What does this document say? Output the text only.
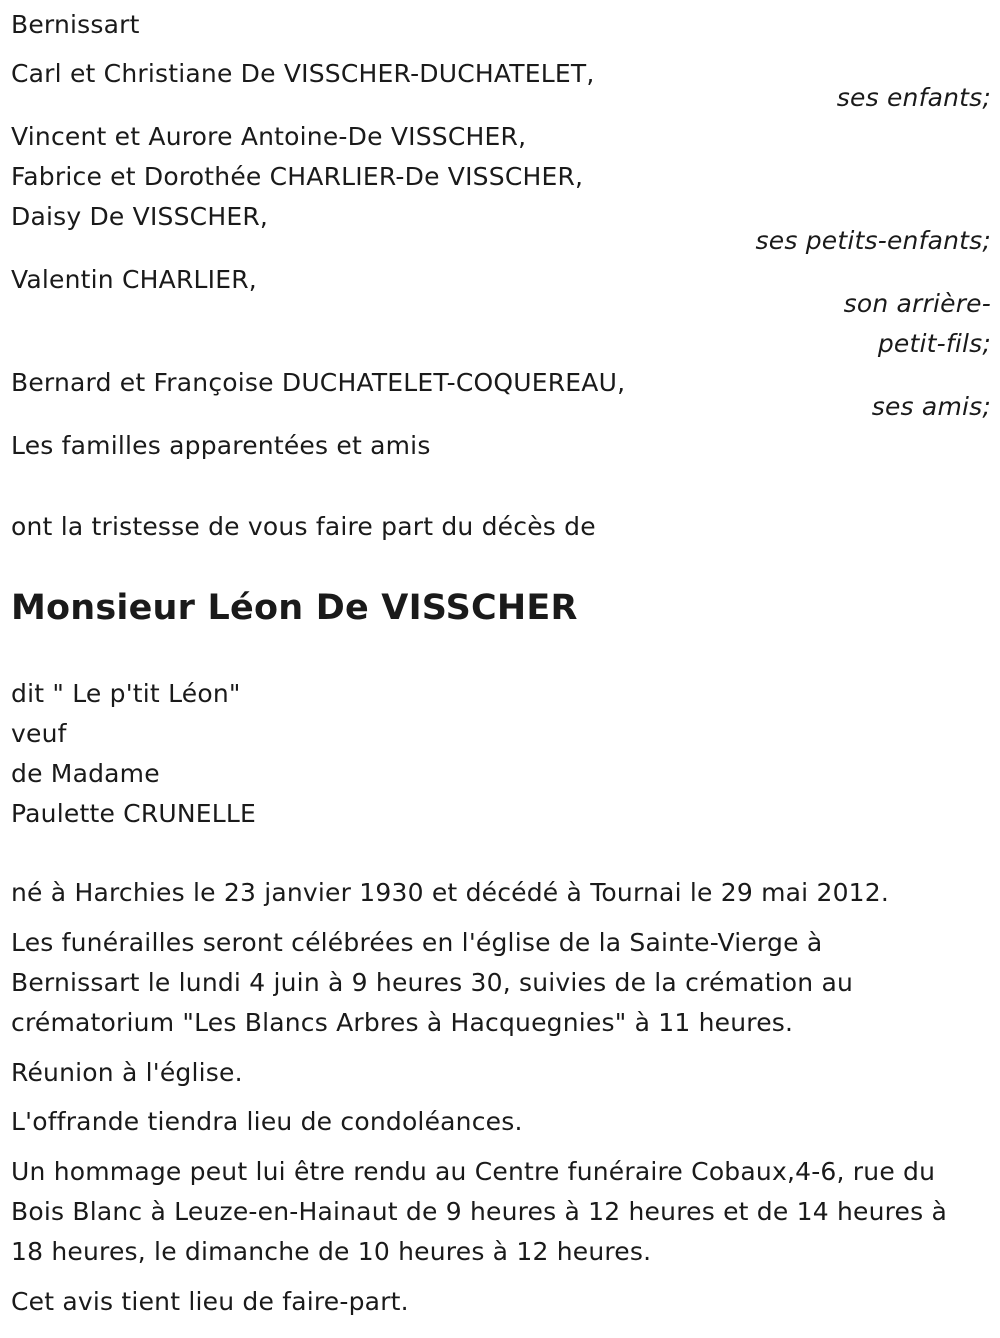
Bernissart
Carl et Christiane De VISSCHER-DUCHATELET,
ses enfants;
Vincent et Aurore Antoine-De VISSCHER,
Fabrice et Dorothée CHARLIER-De VISSCHER,
Daisy De VISSCHER,
ses petits-enfants;
Valentin CHARLIER,
son arrière-
petit-fils;
Bernard et Françoise DUCHATELET-COQUEREAU,
ses amis;
Les familles apparentées et amis
ont la tristesse de vous faire part du décès de
Monsieur Léon De VISSCHER
dit " Le p'tit Léon"
veuf
de Madame
Paulette CRUNELLE
né à Harchies le 23 janvier 1930 et décédé à Tournai le 29 mai 2012.
Les funérailles seront célébrées en l'église de la Sainte-Vierge à
Bernissart le lundi 4 juin à 9 heures 30, suivies de la crémation au
crématorium "Les Blancs Arbres à Hacquegnies" à 11 heures.
Réunion à l'église.
L'offrande tiendra lieu de condoléances.
Un hommage peut lui être rendu au Centre funéraire Cobaux,4-6, rue du
Bois Blanc à Leuze-en-Hainaut de 9 heures à 12 heures et de 14 heures à
18 heures, le dimanche de 10 heures à 12 heures.
Cet avis tient lieu de faire-part.
